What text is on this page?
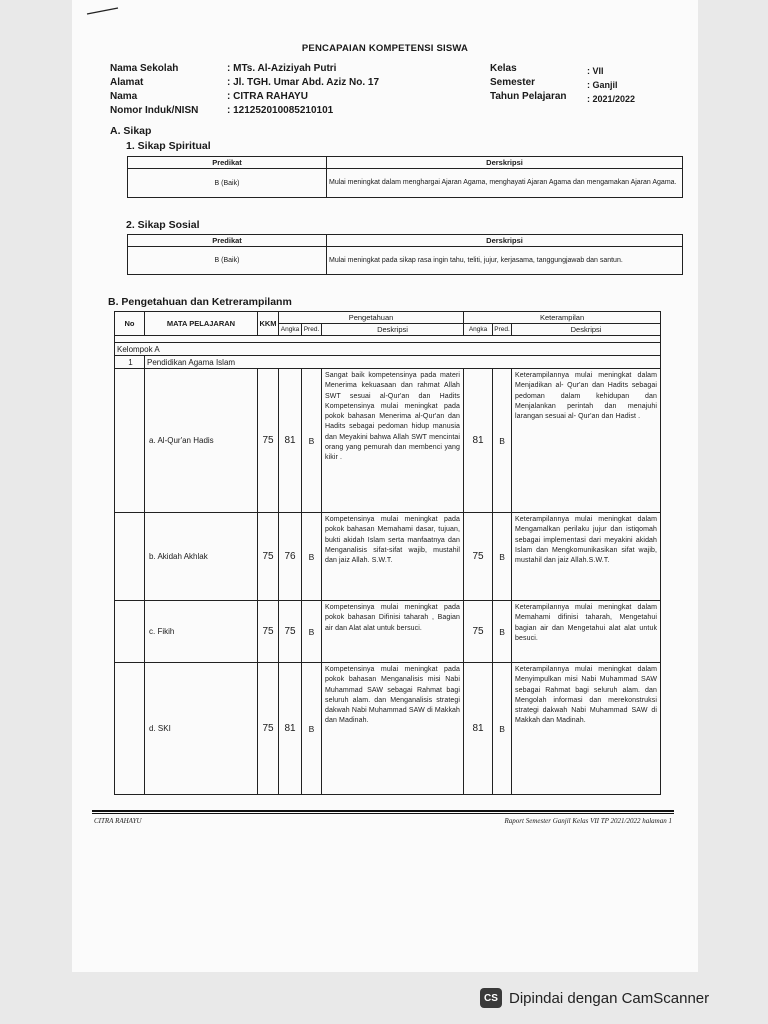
PENCAPAIAN KOMPETENSI SISWA
Nama Sekolah	: MTs. Al-Aziziyah Putri
Alamat	: Jl. TGH. Umar Abd. Aziz No. 17
Nama	: CITRA RAHAYU
Nomor Induk/NISN	: 121252010085210101
Kelas	: VII
Semester	: Ganjil
Tahun Pelajaran : 2021/2022
A. Sikap
1. Sikap Spiritual
Predikat	Derskripsi
B (Baik)	Mulai meningkat dalam menghargai Ajaran Agama, menghayati Ajaran Agama dan mengamakan Ajaran Agama.
2. Sikap Sosial
Predikat	Derskripsi
B (Baik)	Mulai meningkat pada sikap rasa ingin tahu, teliti, jujur, kerjasama, tanggungjawab dan santun.
B. Pengetahuan dan Ketrerampilanm
No	MATA PELAJARAN	KKM	Pengetahuan			Keterampilan		
			Angka	Pred.	Deskripsi	Angka	Pred.	Deskripsi

Kelompok A								
1	Pendidikan Agama Islam							
	a. Al-Qur'an Hadis	75	81	B	Sangat baik kompetensinya pada materi Menerima kekuasaan dan rahmat Allah SWT sesuai al-Qur'an dan Hadits Kompetensinya mulai meningkat pada pokok bahasan Menerima al-Qur'an dan Hadits sebagai pedoman hidup manusia dan Meyakini bahwa Allah SWT mencintai orang yang pemurah dan membenci yang kikir .	81	B	Keterampilannya mulai meningkat dalam Menjadikan al- Qur'an dan Hadits sebagai pedoman dalam kehidupan dan Menjalankan perintah dan menajuhi larangan sesuai al- Qur'an dan Hadist .
	b. Akidah Akhlak	75	76	B	Kompetensinya mulai meningkat pada pokok bahasan Memahami dasar, tujuan, bukti akidah Islam serta manfaatnya dan Menganalisis sifat-sifat wajib, mustahil dan jaiz Allah. S.W.T.	75	B	Keterampilannya mulai meningkat dalam Mengamalkan perilaku jujur dan istiqomah sebagai implementasi dari meyakini akidah Islam dan Mengkomunikasikan sifat wajib, mustahil dan jaiz Allah.S.W.T.
	c. Fikih	75	75	B	Kompetensinya mulai meningkat pada pokok bahasan Difinisi taharah , Bagian air dan Alat alat untuk bersuci.	75	B	Keterampilannya mulai meningkat dalam Memahami difinisi taharah, Mengetahui bagian air dan Mengetahui alat alat untuk besuci.
	d. SKI	75	81	B	Kompetensinya mulai meningkat pada pokok bahasan Menganalisis misi Nabi Muhammad SAW sebagai Rahmat bagi seluruh alam. dan Menganalisis strategi dakwah Nabi Muhammad SAW di Makkah dan Madinah.	81	B	Keterampilannya mulai meningkat dalam Menyimpulkan misi Nabi Muhammad SAW sebagai Rahmat bagi seluruh alam. dan Mengolah informasi dan merekonstruksi strategi dakwah Nabi Muhammad SAW di Makkah dan Madinah.
CITRA RAHAYU	Raport Semester Ganjil Kelas VII TP 2021/2022 halaman 1
CS Dipindai dengan CamScanner
